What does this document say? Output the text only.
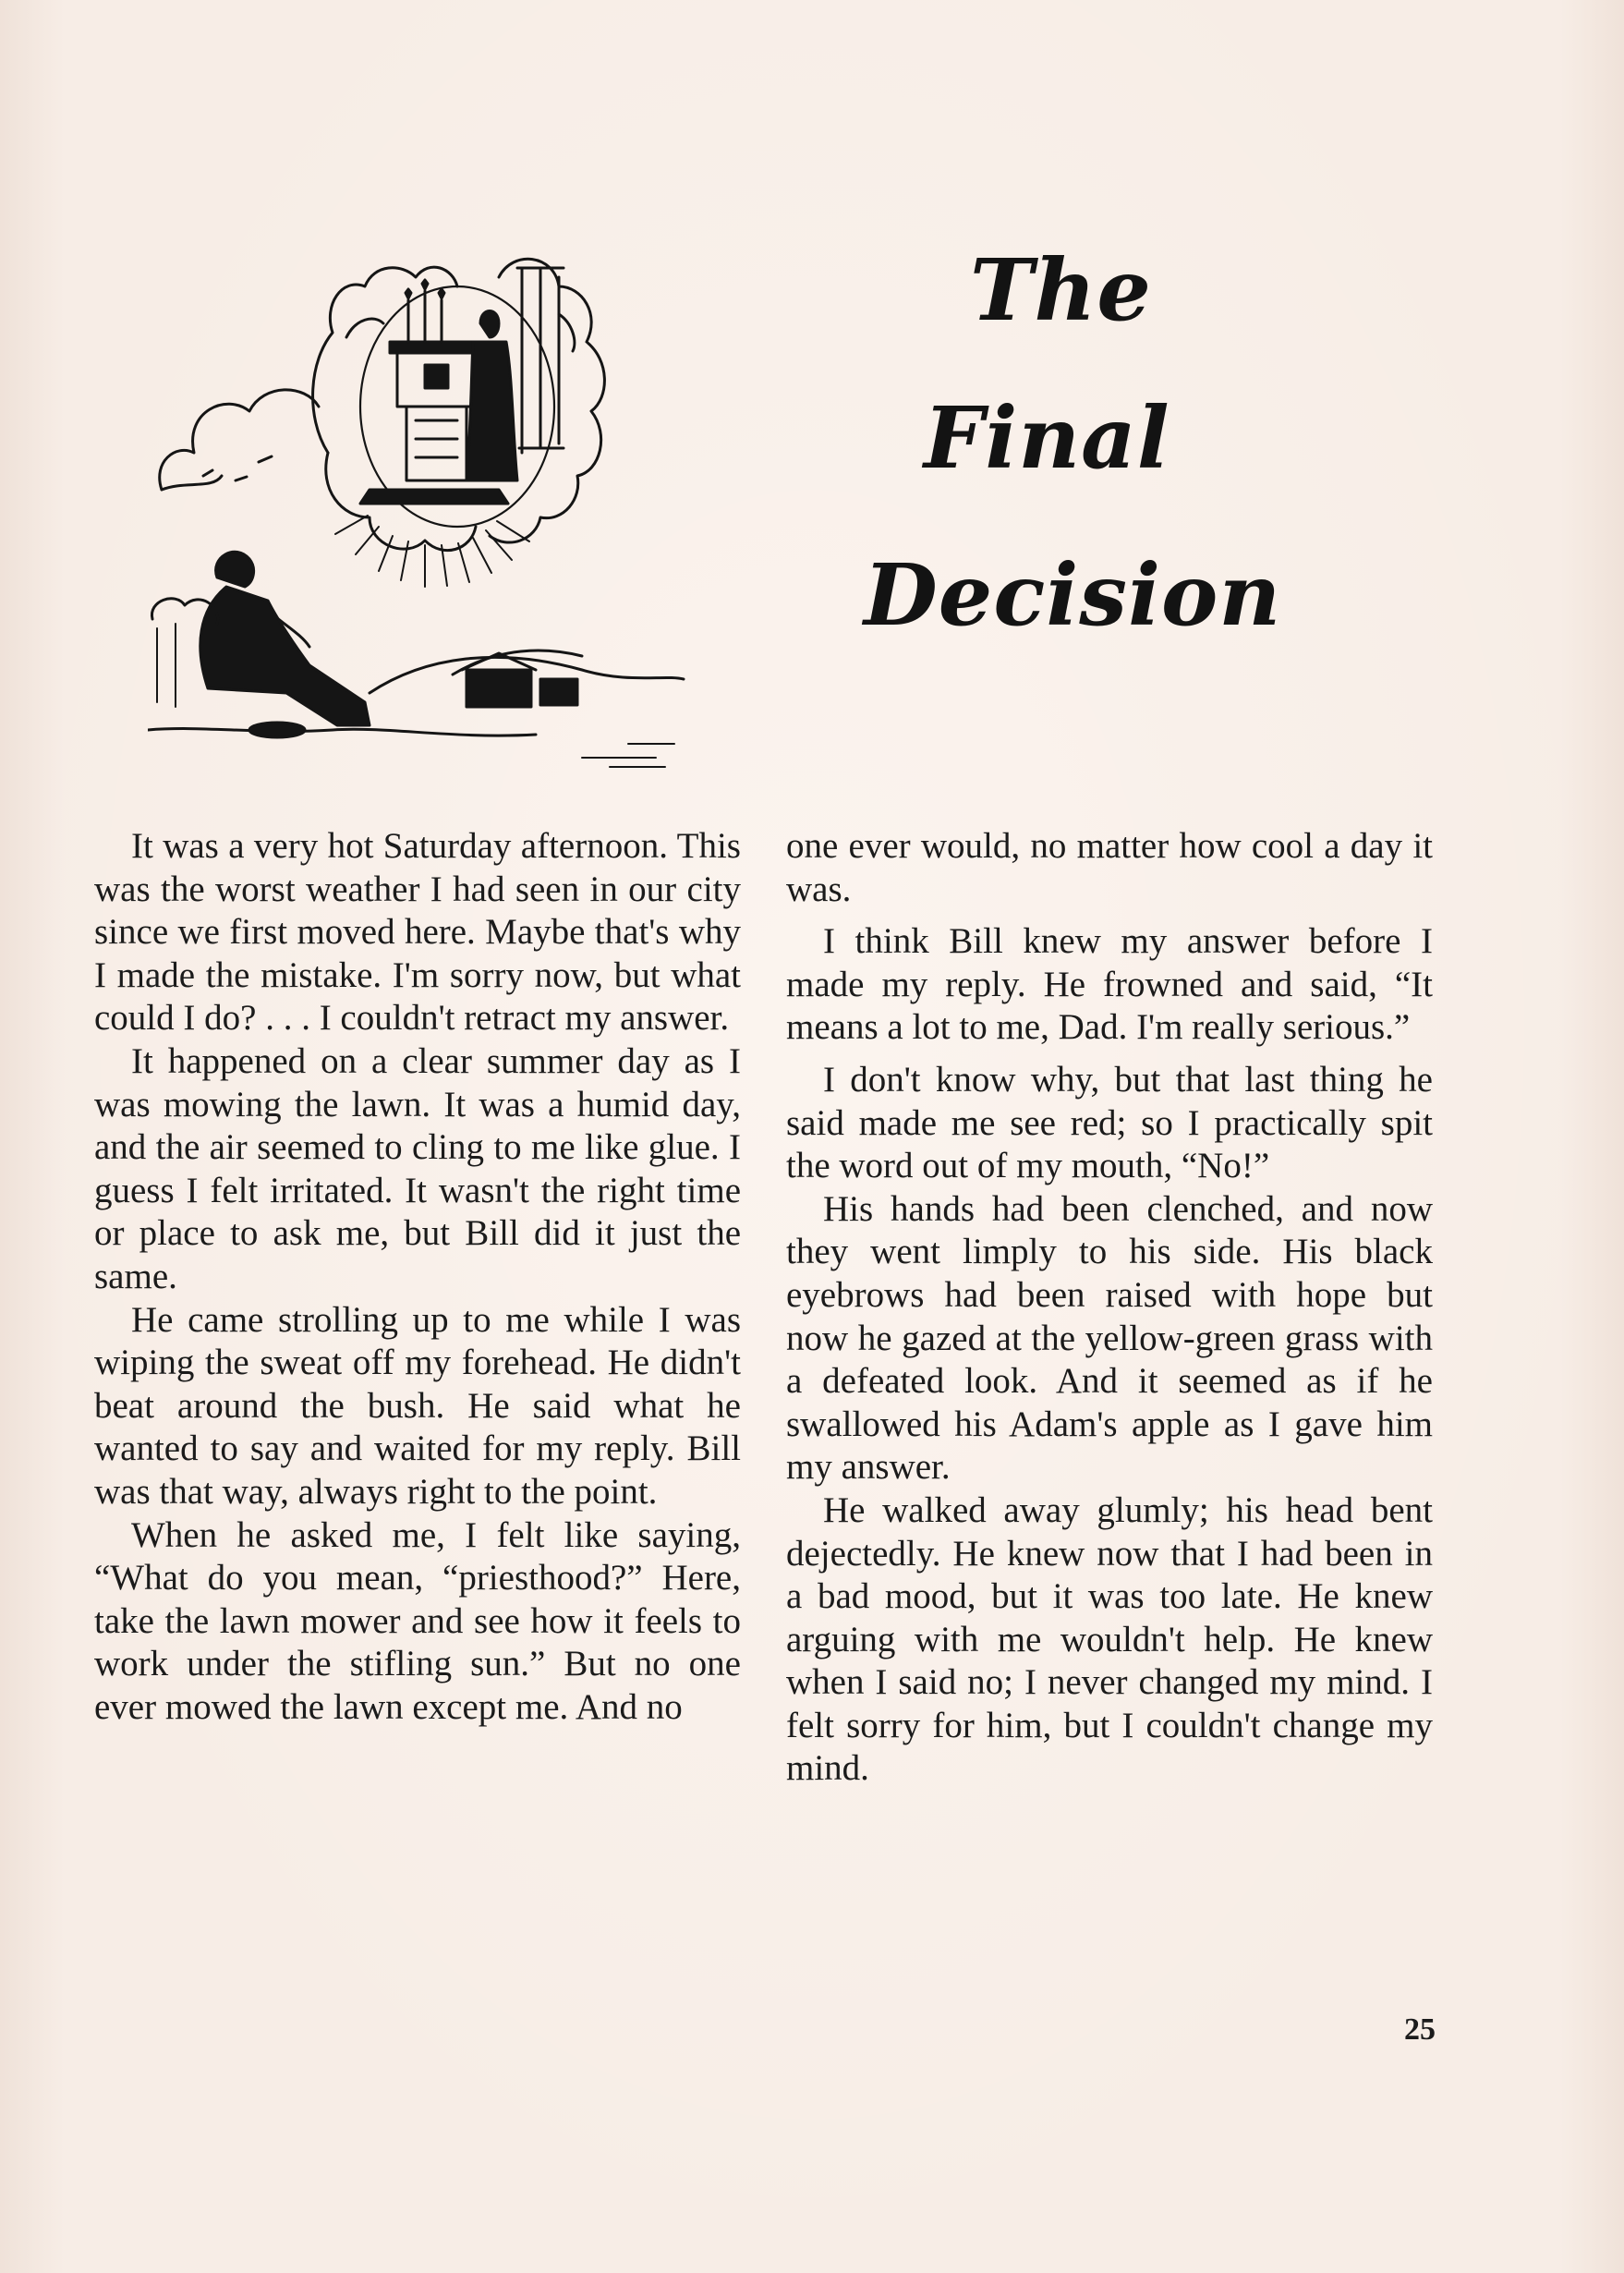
The
Final
Decision

It was a very hot Saturday afternoon. This was the worst weather I had seen in our city since we first moved here. Maybe that's why I made the mistake. I'm sorry now, but what could I do? . . . I couldn't retract my answer.

It happened on a clear summer day as I was mowing the lawn. It was a humid day, and the air seemed to cling to me like glue. I guess I felt irritated. It wasn't the right time or place to ask me, but Bill did it just the same.

He came strolling up to me while I was wiping the sweat off my forehead. He didn't beat around the bush. He said what he wanted to say and waited for my reply. Bill was that way, always right to the point.

When he asked me, I felt like saying, “What do you mean, “priesthood?” Here, take the lawn mower and see how it feels to work under the stifling sun.” But no one ever mowed the lawn except me. And no

one ever would, no matter how cool a day it was.

I think Bill knew my answer before I made my reply. He frowned and said, “It means a lot to me, Dad. I'm really serious.”

I don't know why, but that last thing he said made me see red; so I practically spit the word out of my mouth, “No!”

His hands had been clenched, and now they went limply to his side. His black eyebrows had been raised with hope but now he gazed at the yellow-green grass with a defeated look. And it seemed as if he swallowed his Adam's apple as I gave him my answer.

He walked away glumly; his head bent dejectedly. He knew now that I had been in a bad mood, but it was too late. He knew arguing with me wouldn't help. He knew when I said no; I never changed my mind. I felt sorry for him, but I couldn't change my mind.

25
